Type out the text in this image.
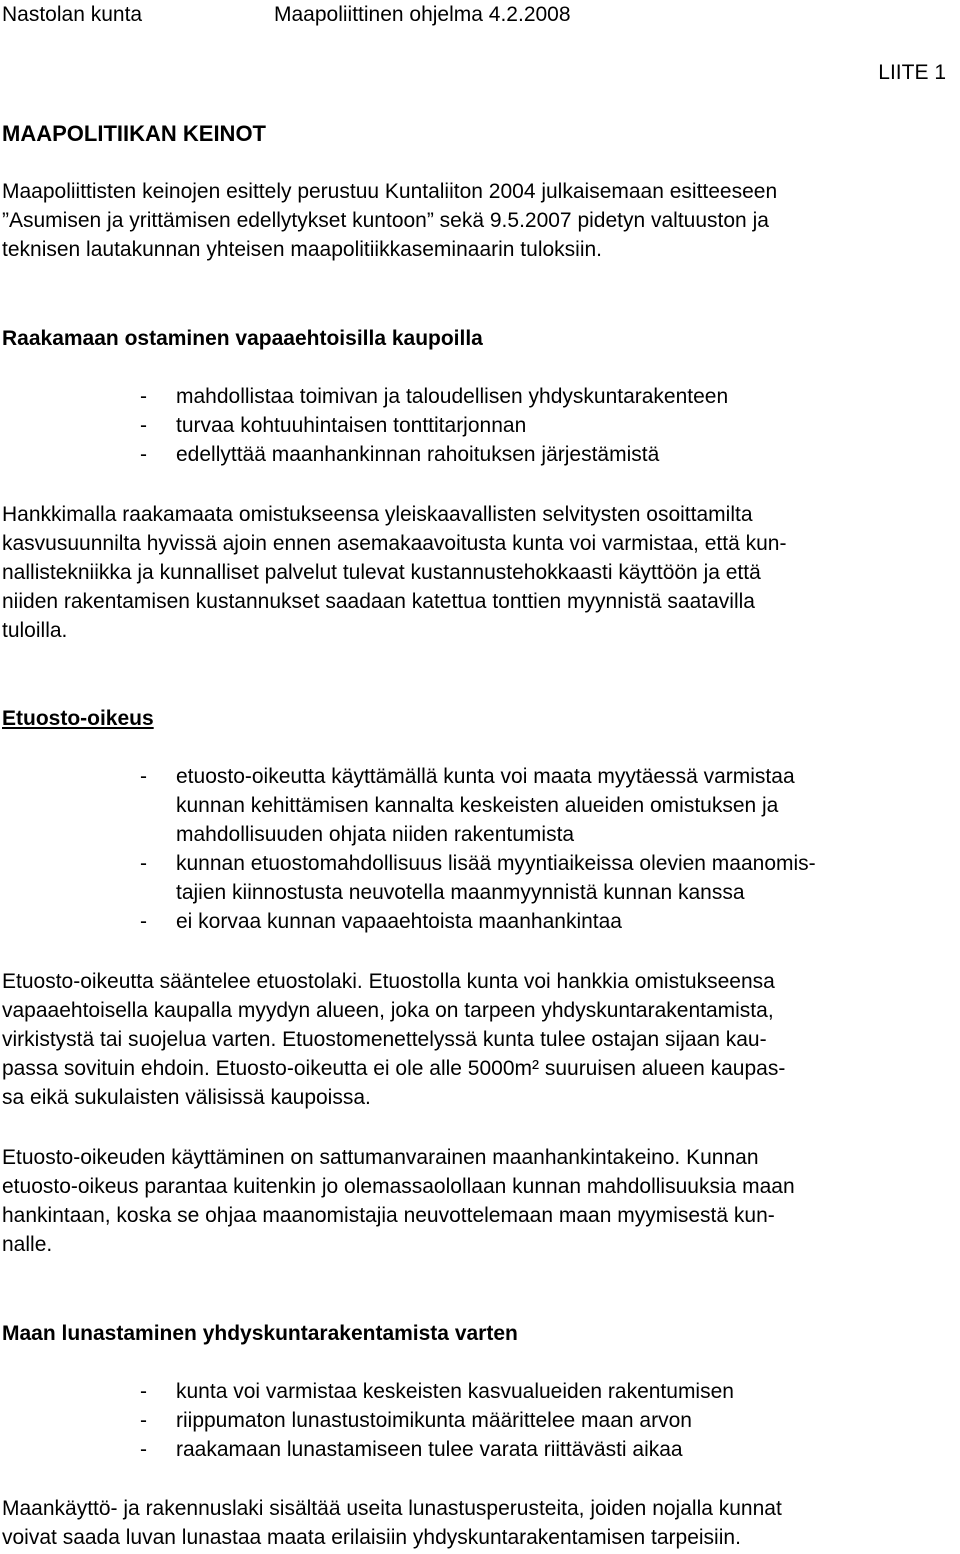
Nastolan kunta	Maapoliittinen ohjelma 4.2.2008
LIITE 1
MAAPOLITIIKAN KEINOT
Maapoliittisten keinojen esittely perustuu Kuntaliiton 2004 julkaisemaan esitteeseen
”Asumisen ja yrittämisen edellytykset kuntoon” sekä 9.5.2007 pidetyn valtuuston ja
teknisen lautakunnan yhteisen maapolitiikkaseminaarin tuloksiin.
Raakamaan ostaminen vapaaehtoisilla kaupoilla
- mahdollistaa toimivan ja taloudellisen yhdyskuntarakenteen
- turvaa kohtuuhintaisen tonttitarjonnan
- edellyttää maanhankinnan rahoituksen järjestämistä
Hankkimalla raakamaata omistukseensa yleiskaavallisten selvitysten osoittamilta
kasvusuunnilta hyvissä ajoin ennen asemakaavoitusta kunta voi varmistaa, että kun-
nallistekniikka ja kunnalliset palvelut tulevat kustannustehokkaasti käyttöön ja että
niiden rakentamisen kustannukset saadaan katettua tonttien myynnistä saatavilla
tuloilla.
Etuosto-oikeus
- etuosto-oikeutta käyttämällä kunta voi maata myytäessä varmistaa
kunnan kehittämisen kannalta keskeisten alueiden omistuksen ja
mahdollisuuden ohjata niiden rakentumista
- kunnan etuostomahdollisuus lisää myyntiaikeissa olevien maanomis-
tajien kiinnostusta neuvotella maanmyynnistä kunnan kanssa
- ei korvaa kunnan vapaaehtoista maanhankintaa
Etuosto-oikeutta sääntelee etuostolaki. Etuostolla kunta voi hankkia omistukseensa
vapaaehtoisella kaupalla myydyn alueen, joka on tarpeen yhdyskuntarakentamista,
virkistystä tai suojelua varten. Etuostomenettelyssä kunta tulee ostajan sijaan kau-
passa sovituin ehdoin. Etuosto-oikeutta ei ole alle 5000m² suuruisen alueen kaupas-
sa eikä sukulaisten välisissä kaupoissa.
Etuosto-oikeuden käyttäminen on sattumanvarainen maanhankintakeino. Kunnan
etuosto-oikeus parantaa kuitenkin jo olemassaolollaan kunnan mahdollisuuksia maan
hankintaan, koska se ohjaa maanomistajia neuvottelemaan maan myymisestä kun-
nalle.
Maan lunastaminen yhdyskuntarakentamista varten
- kunta voi varmistaa keskeisten kasvualueiden rakentumisen
- riippumaton lunastustoimikunta määrittelee maan arvon
- raakamaan lunastamiseen tulee varata riittävästi aikaa
Maankäyttö- ja rakennuslaki sisältää useita lunastusperusteita, joiden nojalla kunnat
voivat saada luvan lunastaa maata erilaisiin yhdyskuntarakentamisen tarpeisiin.
